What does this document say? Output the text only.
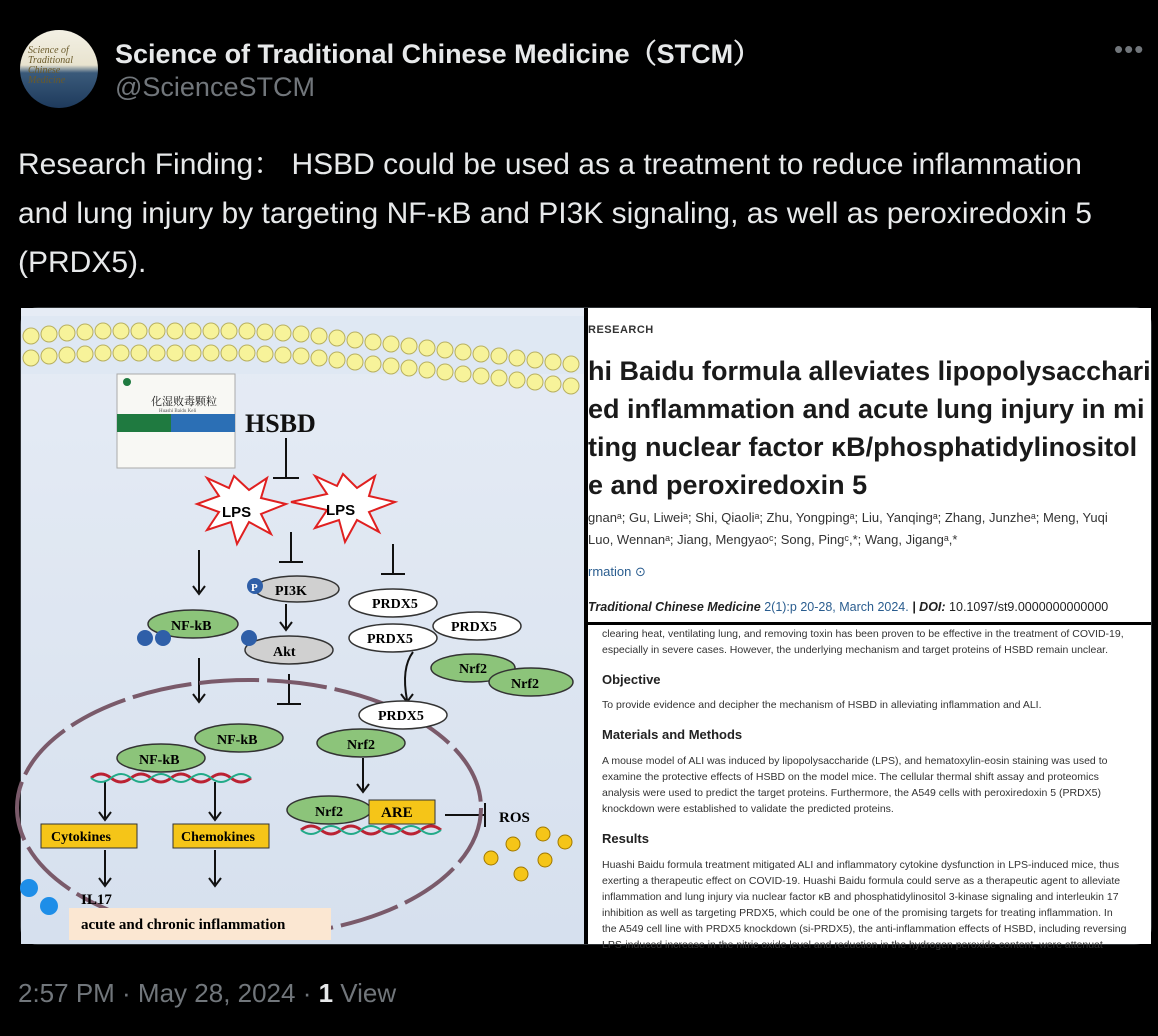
Science of Traditional Chinese Medicine
Science of Traditional Chinese Medicine（STCM）
@ScienceSTCM
•••
Research Finding： HSBD could be used as a treatment to reduce inflammation and lung injury by targeting NF-κB and PI3K signaling, as well as peroxiredoxin 5 (PRDX5).
化湿败毒颗粒
Huashi Baidu Keli HSBD
LPS	LPS
PI3K
P
Akt
NF-kB
PRDX5
PRDX5
PRDX5
Nrf2
Nrf2
PRDX5
NF-kB
NF-kB
Nrf2
Nrf2	ARE	ROS
Cytokines	Chemokines
IL17
acute and chronic inflammation
RESEARCH
hi Baidu formula alleviates lipopolysacchari
ed inflammation and acute lung injury in mi
ting nuclear factor κB/phosphatidylinositol
e and peroxiredoxin 5
gnanᵃ; Gu, Liweiᵃ; Shi, Qiaoliᵃ; Zhu, Yongpingᵃ; Liu, Yanqingᵃ; Zhang, Junzheᵃ; Meng, Yuqi
Luo, Wennanᵃ; Jiang, Mengyaoᶜ; Song, Pingᶜ,*; Wang, Jigangᵃ,*
rmation ⊙
Traditional Chinese Medicine 2(1):p 20-28, March 2024. | DOI: 10.1097/st9.0000000000000
clearing heat, ventilating lung, and removing toxin has been proven to be effective in the treatment of COVID-19,
especially in severe cases. However, the underlying mechanism and target proteins of HSBD remain unclear.
Objective
To provide evidence and decipher the mechanism of HSBD in alleviating inflammation and ALI.
Materials and Methods
A mouse model of ALI was induced by lipopolysaccharide (LPS), and hematoxylin-eosin staining was used to
examine the protective effects of HSBD on the model mice. The cellular thermal shift assay and proteomics
analysis were used to predict the target proteins. Furthermore, the A549 cells with peroxiredoxin 5 (PRDX5)
knockdown were established to validate the predicted proteins.
Results
Huashi Baidu formula treatment mitigated ALI and inflammatory cytokine dysfunction in LPS-induced mice, thus
exerting a therapeutic effect on COVID-19. Huashi Baidu formula could serve as a therapeutic agent to alleviate
inflammation and lung injury via nuclear factor κB and phosphatidylinositol 3-kinase signaling and interleukin 17
inhibition as well as targeting PRDX5, which could be one of the promising targets for treating inflammation. In
the A549 cell line with PRDX5 knockdown (si-PRDX5), the anti-inflammation effects of HSBD, including reversing
LPS-induced increase in the nitric oxide level and reduction in the hydrogen peroxide content, were attenuat
2:57 PM · May 28, 2024 · 1 View
